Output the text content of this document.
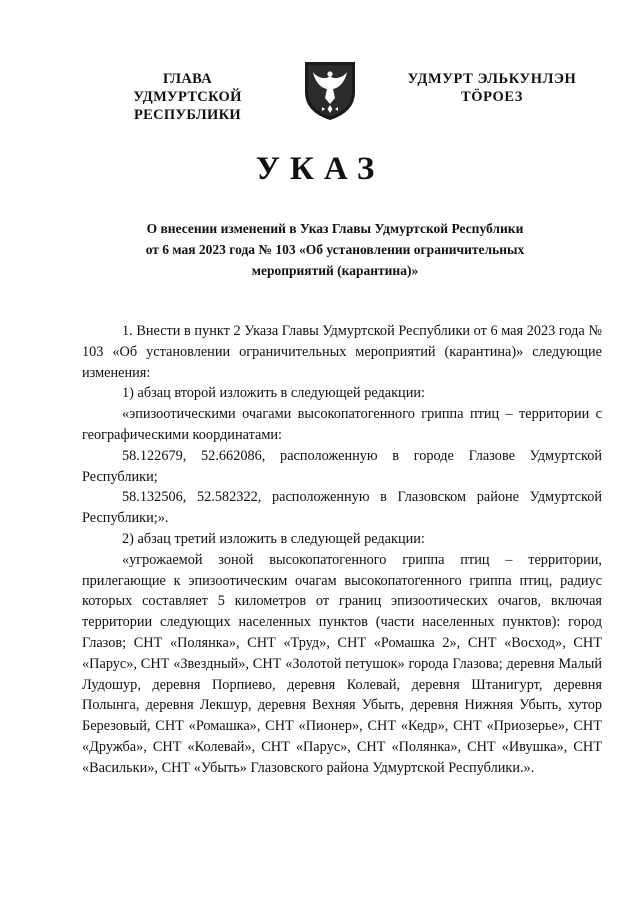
ГЛАВА
УДМУРТСКОЙ РЕСПУБЛИКИ
УДМУРТ ЭЛЬКУНЛЭН
ТӦРОЕЗ
УКАЗ
О внесении изменений в Указ Главы Удмуртской Республики
от 6 мая 2023 года № 103 «Об установлении ограничительных
мероприятий (карантина)»

1. Внести в пункт 2 Указа Главы Удмуртской Республики от 6 мая 2023 года № 103 «Об установлении ограничительных мероприятий (карантина)» следующие изменения:

1) абзац второй изложить в следующей редакции:

«эпизоотическими очагами высокопатогенного гриппа птиц – территории с географическими координатами:

58.122679, 52.662086, расположенную в городе Глазове Удмуртской Республики;

58.132506, 52.582322, расположенную в Глазовском районе Удмуртской Республики;».

2) абзац третий изложить в следующей редакции:

«угрожаемой зоной высокопатогенного гриппа птиц – территории, прилегающие к эпизоотическим очагам высокопатогенного гриппа птиц, радиус которых составляет 5 километров от границ эпизоотических очагов, включая территории следующих населенных пунктов (части населенных пунктов): город Глазов; СНТ «Полянка», СНТ «Труд», СНТ «Ромашка 2», СНТ «Восход», СНТ «Парус», СНТ «Звездный», СНТ «Золотой петушок» города Глазова; деревня Малый Лудошур, деревня Порпиево, деревня Колевай, деревня Штанигурт, деревня Полынга, деревня Лекшур, деревня Вехняя Убыть, деревня Нижняя Убыть, хутор Березовый, СНТ «Ромашка», СНТ «Пионер», СНТ «Кедр», СНТ «Приозерье», СНТ «Дружба», СНТ «Колевай», СНТ «Парус», СНТ «Полянка», СНТ «Ивушка», СНТ «Васильки», СНТ «Убыть» Глазовского района Удмуртской Республики.».
